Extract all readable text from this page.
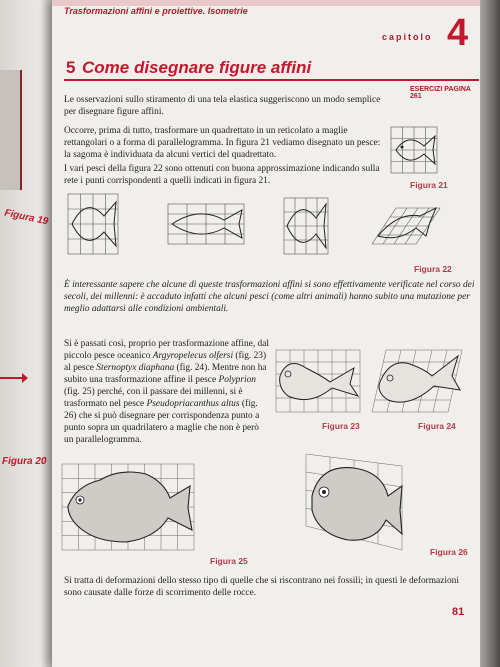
Figura 19
Figura 20
Trasformazioni affini e proiettive. Isometrie
capitolo 4
5 Come disegnare figure affini
ESERCIZI PAGINA 261

Le osservazioni sullo stiramento di una tela elastica suggeriscono un modo semplice per disegnare figure affini.

Occorre, prima di tutto, trasformare un quadrettato in un reticolato a maglie rettangolari o a forma di parallelogramma. In figura 21 vediamo disegnato un pesce: la sagoma è individuata da alcuni vertici del quadrettato.

I vari pesci della figura 22 sono ottenuti con buona approssimazione indicando sulla rete i punti corrispondenti a quelli indicati in figura 21.	Figura 21
Figura 22

È interessante sapere che alcune di queste trasformazioni affini si sono effettivamente verificate nel corso dei secoli, dei millenni: è accaduto infatti che alcuni pesci (come altri animali) hanno subito una mutazione per meglio adattarsi alle condizioni ambientali.

Si è passati così, proprio per trasformazione affine, dal piccolo pesce oceanico Argyropelecus olfersi (fig. 23) al pesce Sternoptyx diaphana (fig. 24). Mentre non ha subito una trasformazione affine il pesce Polyprion (fig. 25) perché, con il passare dei millenni, si è trasformato nel pesce Pseudopriacanthus altus (fig. 26) che si può disegnare per corrispondenza punto a punto sopra un quadrilatero a maglie che non è però un parallelogramma.

Figura 23	Figura 24
Figura 25
Figura 26

Si tratta di deformazioni dello stesso tipo di quelle che si riscontrano nei fossili; in questi le deformazioni sono causate dalle forze di scorrimento delle rocce.

81
